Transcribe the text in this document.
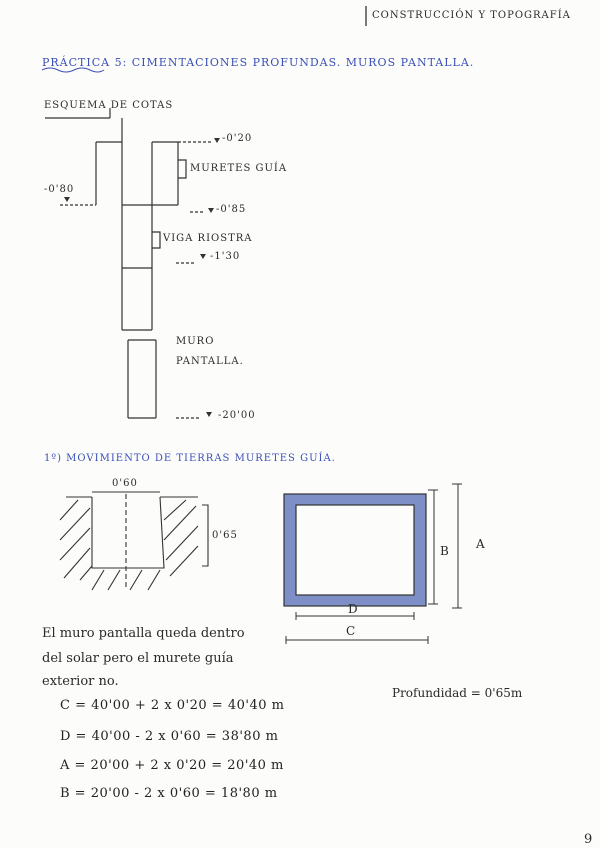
CONSTRUCCIÓN Y TOPOGRAFÍA
PRÁCTICA 5: CIMENTACIONES PROFUNDAS. MUROS PANTALLA.
ESQUEMA DE COTAS
-0'20
-0'80
-0'85
-1'30
-20'00
MURETES GUÍA
VIGA RIOSTRA
MURO
PANTALLA.
1º) MOVIMIENTO DE TIERRAS MURETES GUÍA.
0'60
0'65
A
B
C
D
El muro pantalla queda dentro
del solar pero el murete guía
exterior no.
Profundidad = 0'65m
C = 40'00 + 2 x 0'20 = 40'40 m
D = 40'00 - 2 x 0'60 = 38'80 m
A = 20'00 + 2 x 0'20 = 20'40 m
B = 20'00 - 2 x 0'60 = 18'80 m
9
